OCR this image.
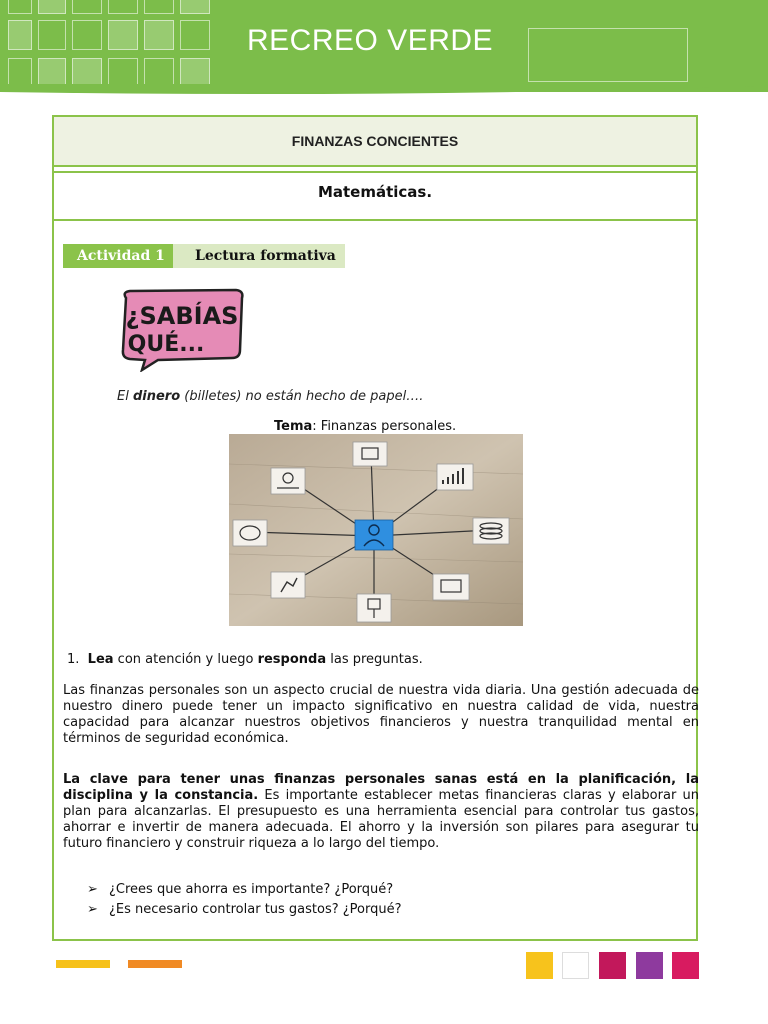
RECREO VERDE
FINANZAS CONCIENTES
Matemáticas.
Actividad 1	Lectura formativa
¿SABÍAS
QUÉ...
El dinero (billetes) no están hecho de papel….
Tema: Finanzas personales.
1. Lea con atención y luego responda las preguntas.
Las finanzas personales son un aspecto crucial de nuestra vida diaria. Una gestión adecuada de nuestro dinero puede tener un impacto significativo en nuestra calidad de vida, nuestra capacidad para alcanzar nuestros objetivos financieros y nuestra tranquilidad mental en términos de seguridad económica.
La clave para tener unas finanzas personales sanas está en la planificación, la disciplina y la constancia. Es importante establecer metas financieras claras y elaborar un plan para alcanzarlas. El presupuesto es una herramienta esencial para controlar tus gastos, ahorrar e invertir de manera adecuada. El ahorro y la inversión son pilares para asegurar tu futuro financiero y construir riqueza a lo largo del tiempo.
➢ ¿Crees que ahorra es importante? ¿Porqué?
➢ ¿Es necesario controlar tus gastos? ¿Porqué?
